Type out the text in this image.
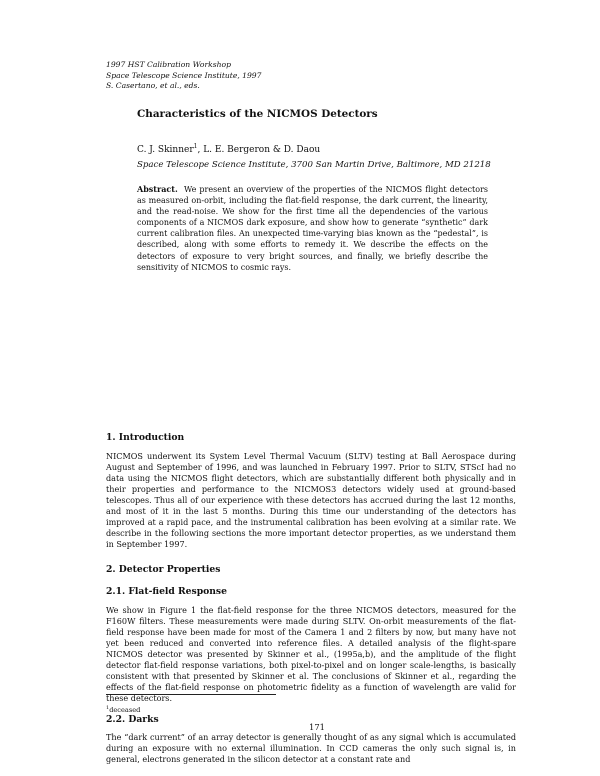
1997 HST Calibration Workshop
Space Telescope Science Institute, 1997
S. Casertano, et al., eds.
Characteristics of the NICMOS Detectors
C. J. Skinner$^1$, L. E. Bergeron & D. Daou
Space Telescope Science Institute, 3700 San Martin Drive, Baltimore, MD 21218
Abstract. We present an overview of the properties of the NICMOS flight detectors as measured on-orbit, including the flat-field response, the dark current, the linearity, and the read-noise. We show for the first time all the dependencies of the various components of a NICMOS dark exposure, and show how to generate “synthetic” dark current calibration files. An unexpected time-varying bias known as the “pedestal”, is described, along with some efforts to remedy it. We describe the effects on the detectors of exposure to very bright sources, and finally, we briefly describe the sensitivity of NICMOS to cosmic rays.
1. Introduction
NICMOS underwent its System Level Thermal Vacuum (SLTV) testing at Ball Aerospace during August and September of 1996, and was launched in February 1997. Prior to SLTV, STScI had no data using the NICMOS flight detectors, which are substantially different both physically and in their properties and performance to the NICMOS3 detectors widely used at ground-based telescopes. Thus all of our experience with these detectors has accrued during the last 12 months, and most of it in the last 5 months. During this time our understanding of the detectors has improved at a rapid pace, and the instrumental calibration has been evolving at a similar rate. We describe in the following sections the more important detector properties, as we understand them in September 1997.
2. Detector Properties
2.1. Flat-field Response
We show in Figure 1 the flat-field response for the three NICMOS detectors, measured for the F160W filters. These measurements were made during SLTV. On-orbit measurements of the flat-field response have been made for most of the Camera 1 and 2 filters by now, but many have not yet been reduced and converted into reference files. A detailed analysis of the flight-spare NICMOS detector was presented by Skinner et al., (1995a,b), and the amplitude of the flight detector flat-field response variations, both pixel-to-pixel and on longer scale-lengths, is basically consistent with that presented by Skinner et al. The conclusions of Skinner et al., regarding the effects of the flat-field response on photometric fidelity as a function of wavelength are valid for these detectors.
2.2. Darks
The “dark current” of an array detector is generally thought of as any signal which is accumulated during an exposure with no external illumination. In CCD cameras the only such signal is, in general, electrons generated in the silicon detector at a constant rate and
$^1$deceased
171
